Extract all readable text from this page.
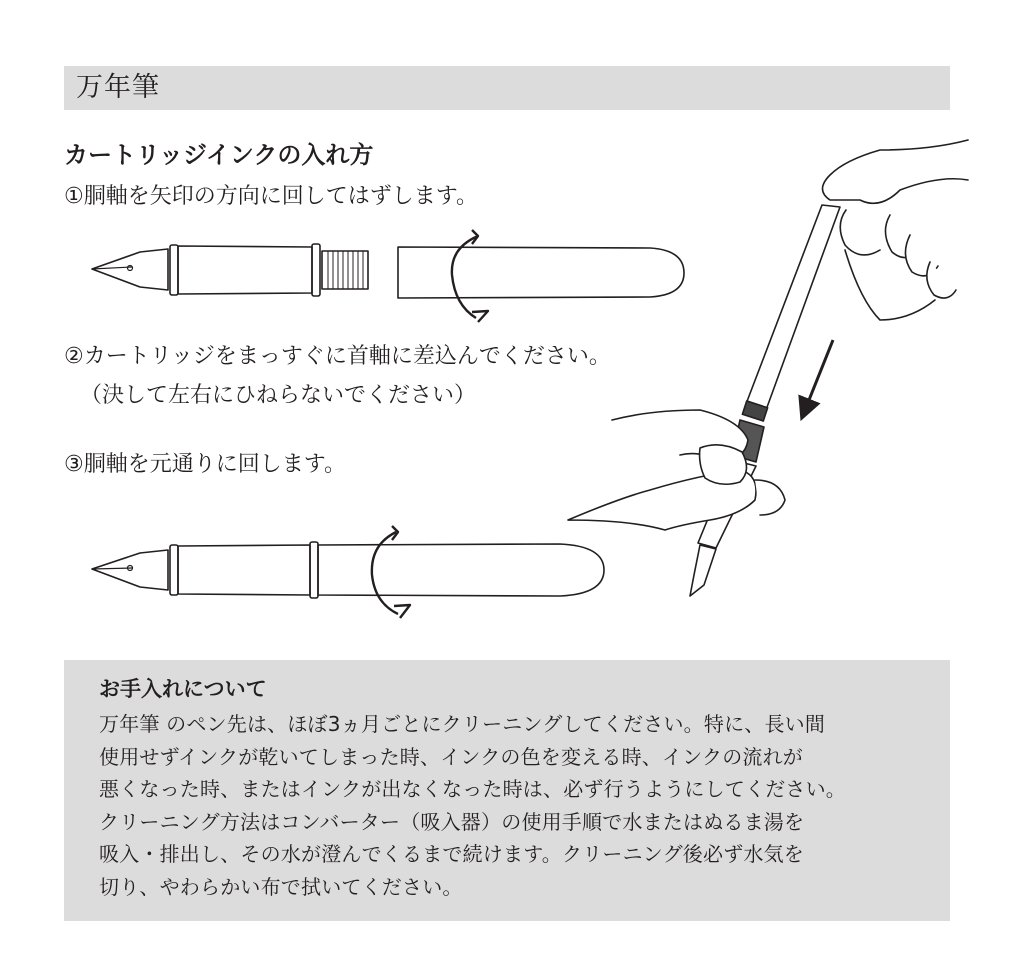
万年筆
カートリッジインクの入れ方
①胴軸を矢印の方向に回してはずします。
②カートリッジをまっすぐに首軸に差込んでください。
（決して左右にひねらないでください）
③胴軸を元通りに回します。
お手入れについて
万年筆 のペン先は、ほぼ3ヵ月ごとにクリーニングしてください。特に、長い間
使用せずインクが乾いてしまった時、インクの色を変える時、インクの流れが
悪くなった時、またはインクが出なくなった時は、必ず行うようにしてください。
クリーニング方法はコンバーター（吸入器）の使用手順で水またはぬるま湯を
吸入・排出し、その水が澄んでくるまで続けます。クリーニング後必ず水気を
切り、やわらかい布で拭いてください。
